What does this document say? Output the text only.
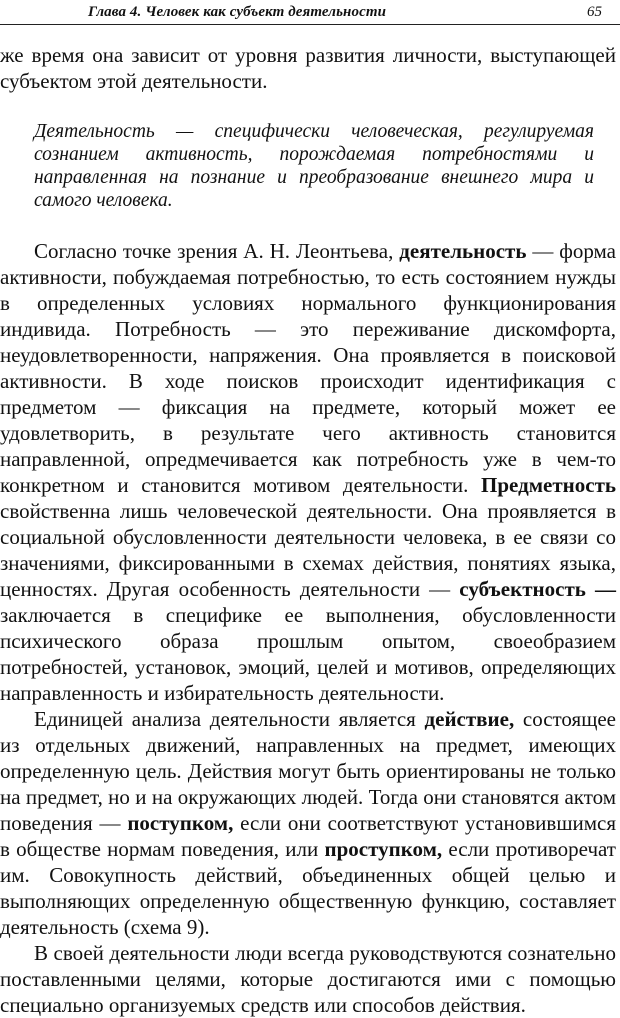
Глава 4. Человек как субъект деятельности	65

же время она зависит от уровня развития личности, выступающей субъектом этой деятельности.

Деятельность — специфически человеческая, регулируемая сознанием активность, порождаемая потребностями и направленная на познание и преобразование внешнего мира и самого человека.

Согласно точке зрения А. Н. Леонтьева, деятельность — форма активности, побуждаемая потребностью, то есть состоянием нужды в определенных условиях нормального функционирования индивида. Потребность — это переживание дискомфорта, неудовлетворенности, напряжения. Она проявляется в поисковой активности. В ходе поисков происходит идентификация с предметом — фиксация на предмете, который может ее удовлетворить, в результате чего активность становится направленной, опредмечивается как потребность уже в чем-то конкретном и становится мотивом деятельности. Предметность свойственна лишь человеческой деятельности. Она проявляется в социальной обусловленности деятельности человека, в ее связи со значениями, фиксированными в схемах действия, понятиях языка, ценностях. Другая особенность деятельности — субъектность — заключается в специфике ее выполнения, обусловленности психического образа прошлым опытом, своеобразием потребностей, установок, эмоций, целей и мотивов, определяющих направленность и избирательность деятельности.

Единицей анализа деятельности является действие, состоящее из отдельных движений, направленных на предмет, имеющих определенную цель. Действия могут быть ориентированы не только на предмет, но и на окружающих людей. Тогда они становятся актом поведения — поступком, если они соответствуют установившимся в обществе нормам поведения, или проступком, если противоречат им. Совокупность действий, объединенных общей целью и выполняющих определенную общественную функцию, составляет деятельность (схема 9).

В своей деятельности люди всегда руководствуются сознательно поставленными целями, которые достигаются ими с помощью специально организуемых средств или способов действия.
